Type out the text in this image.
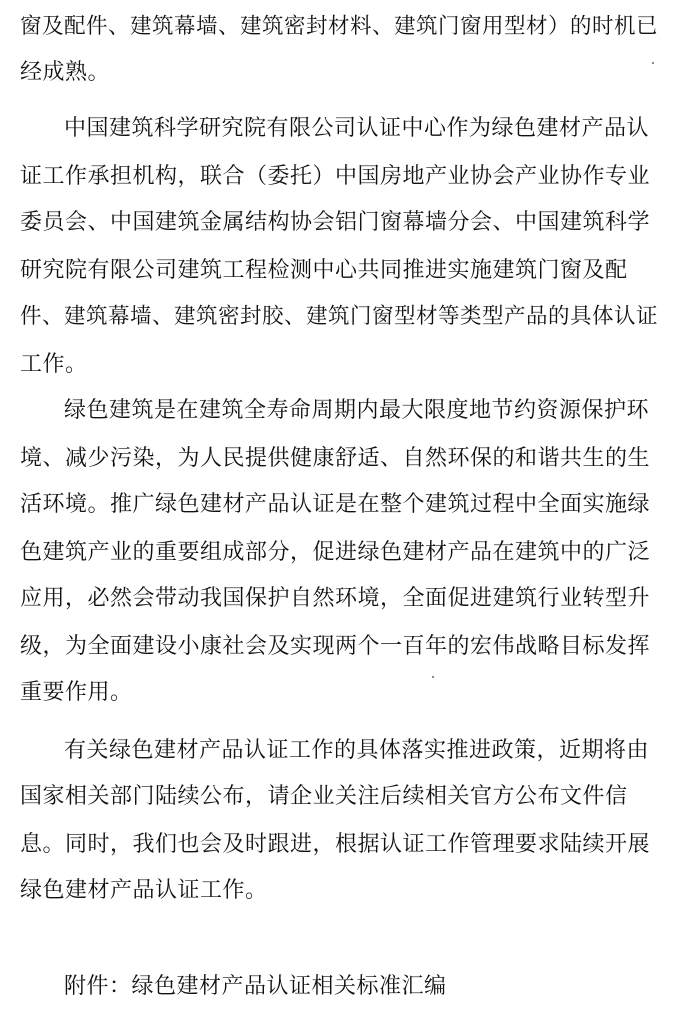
窗及配件、建筑幕墙、建筑密封材料、建筑门窗用型材）的时机已
经成熟。
中国建筑科学研究院有限公司认证中心作为绿色建材产品认
证工作承担机构，联合（委托）中国房地产业协会产业协作专业
委员会、中国建筑金属结构协会铝门窗幕墙分会、中国建筑科学
研究院有限公司建筑工程检测中心共同推进实施建筑门窗及配
件、建筑幕墙、建筑密封胶、建筑门窗型材等类型产品的具体认证
工作。
绿色建筑是在建筑全寿命周期内最大限度地节约资源保护环
境、减少污染，为人民提供健康舒适、自然环保的和谐共生的生
活环境。推广绿色建材产品认证是在整个建筑过程中全面实施绿
色建筑产业的重要组成部分，促进绿色建材产品在建筑中的广泛
应用，必然会带动我国保护自然环境，全面促进建筑行业转型升
级，为全面建设小康社会及实现两个一百年的宏伟战略目标发挥
重要作用。
有关绿色建材产品认证工作的具体落实推进政策，近期将由
国家相关部门陆续公布，请企业关注后续相关官方公布文件信
息。同时，我们也会及时跟进，根据认证工作管理要求陆续开展
绿色建材产品认证工作。
附件：绿色建材产品认证相关标准汇编
